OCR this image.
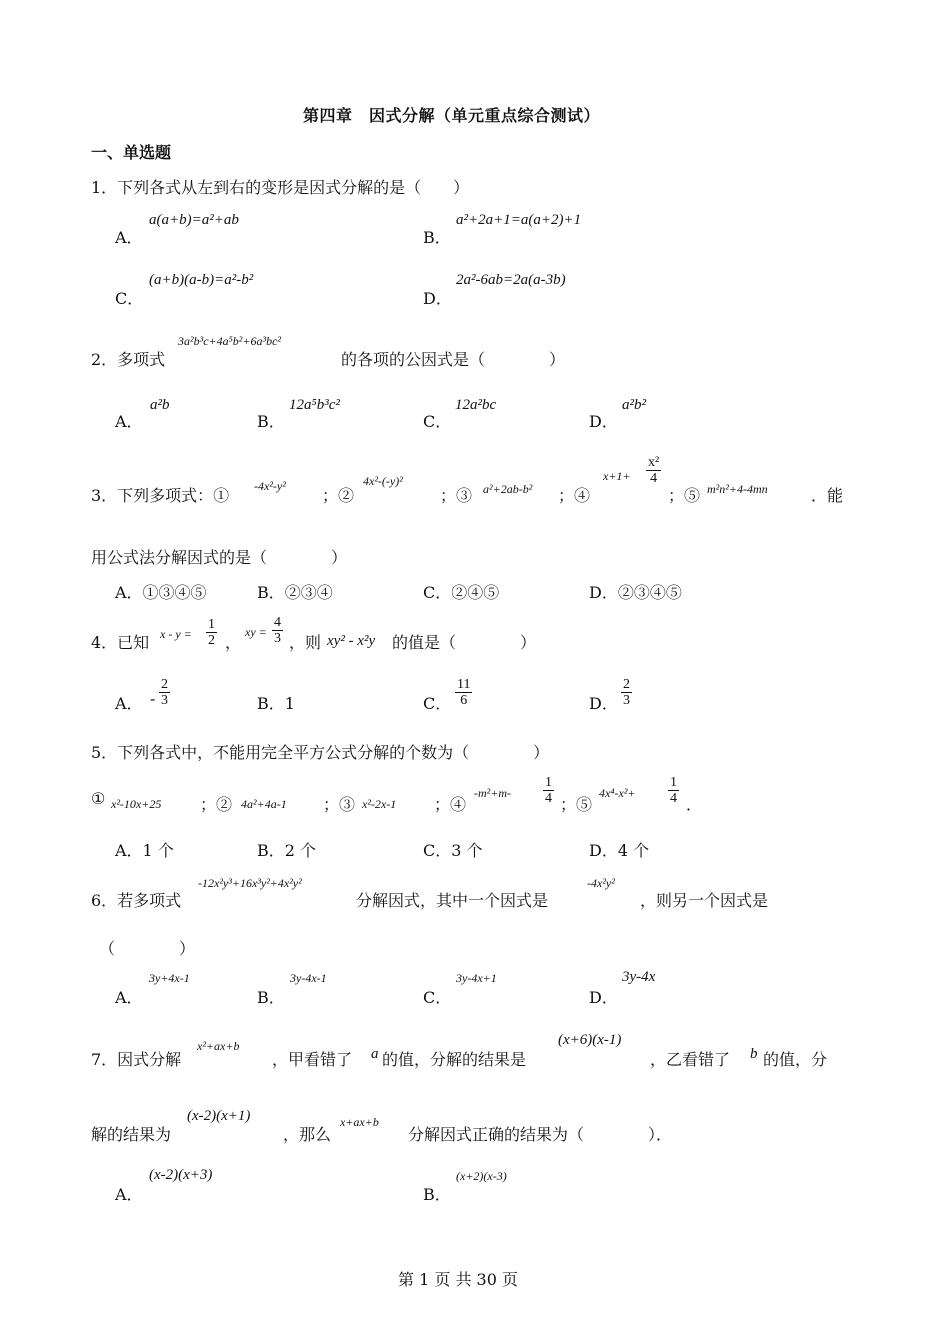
第四章　因式分解（单元重点综合测试）
一、单选题
1．下列各式从左到右的变形是因式分解的是（　　）
A．
a(a+b)=a²+ab
B．
a²+2a+1=a(a+2)+1
C．
(a+b)(a-b)=a²-b²
D．
2a²-6ab=2a(a-3b)
2．多项式
3a²b³c+4a⁵b²+6a³bc²
的各项的公因式是（　　　　）
A．
a²b
B．
12a⁵b³c²
C．
12a²bc
D．
a²b²
3．下列多项式：① -4x²-y² ；②
4x²-(-y)²
；③ a²+2ab-b² ；④
$x+1+ \frac{\text{x²}}{4}$
；⑤ m²n²+4-4mn	．能
用公式法分解因式的是（　　　　）
A．①③④⑤	B．②③④	C．②④⑤	D．②③④⑤
4．已知 $x - y = \frac{1}{2}$ ，
xy = $\frac{4}{3}$ ，则 xy² - x²y 的值是（　　　　）
A． - $\frac{2}{3}$	B．1	C． $\frac{11}{6}$	D． $\frac{2}{3}$
5．下列各式中，不能用完全平方公式分解的个数为（　　　　）
① x²-10x+25 ；② 4a²+4a-1 ；③ x²-2x-1 ；④
$-m^2+m- \frac{1}{4}$ ；⑤
$4x^4-x^2+ \frac{1}{4}$ ．
A．1 个	B．2 个	C．3 个	D．4 个
6．若多项式
-12x²y³+16x³y²+4x²y²
分解因式，其中一个因式是
-4x²y²
，则另一个因式是
（　　　　）
A．
3y+4x-1
B．
3y-4x-1
C．
3y-4x+1
D．
3y-4x
7．因式分解
x²+ax+b
，甲看错了 a 的值，分解的结果是
(x+6)(x-1)
，乙看错了 b 的值，分
解的结果为
(x-2)(x+1)
，那么
x+ax+b
分解因式正确的结果为（　　　　）．
A．
(x-2)(x+3)
B．
(x+2)(x-3)
第 1 页 共 30 页
